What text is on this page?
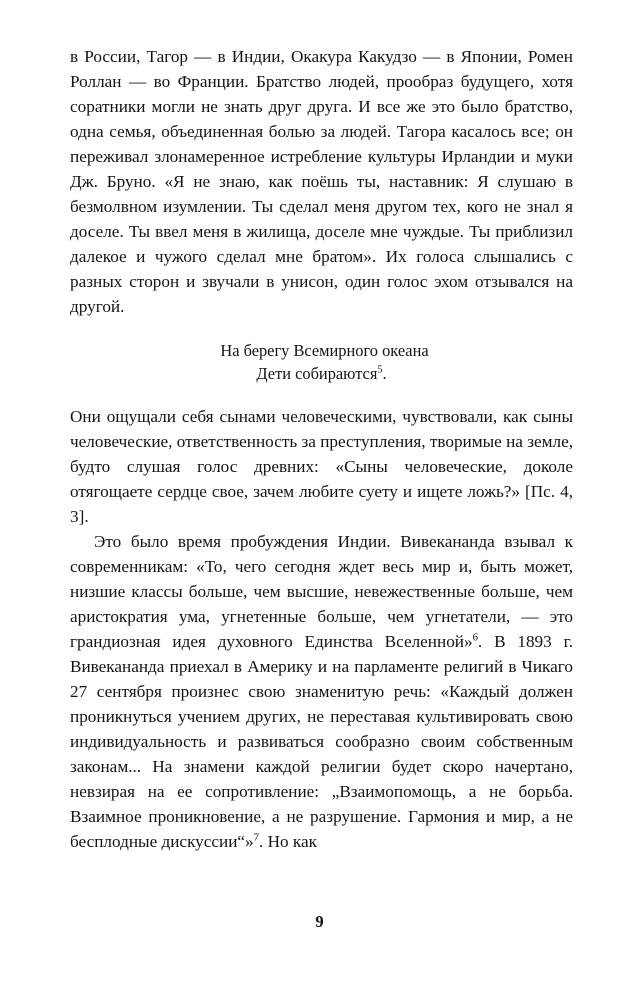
в России, Тагор — в Индии, Окакура Какудзо — в Японии, Ромен Роллан — во Франции. Братство людей, прообраз будущего, хотя соратники могли не знать друг друга. И все же это было братство, одна семья, объединенная болью за людей. Тагора касалось все; он переживал злонамеренное истребление культуры Ирландии и муки Дж. Бруно. «Я не знаю, как поёшь ты, наставник: Я слушаю в безмолвном изумлении. Ты сделал меня другом тех, кого не знал я доселе. Ты ввел меня в жилища, доселе мне чуждые. Ты приблизил далекое и чужого сделал мне братом». Их голоса слышались с разных сторон и звучали в унисон, один голос эхом отзывался на другой.

На берегу Всемирного океана
Дети собираются$^5$.

Они ощущали себя сынами человеческими, чувствовали, как сыны человеческие, ответственность за преступления, творимые на земле, будто слушая голос древних: «Сыны человеческие, доколе отягощаете сердце свое, зачем любите суету и ищете ложь?» [Пс. 4, 3].

Это было время пробуждения Индии. Вивекананда взывал к современникам: «То, чего сегодня ждет весь мир и, быть может, низшие классы больше, чем высшие, невежественные больше, чем аристократия ума, угнетенные больше, чем угнетатели, — это грандиозная идея духовного Единства Вселенной»$^6$. В 1893 г. Вивекананда приехал в Америку и на парламенте религий в Чикаго 27 сентября произнес свою знаменитую речь: «Каждый должен проникнуться учением других, не переставая культивировать свою индивидуальность и развиваться сообразно своим собственным законам... На знамени каждой религии будет скоро начертано, невзирая на ее сопротивление: „Взаимопомощь, а не борьба. Взаимное проникновение, а не разрушение. Гармония и мир, а не бесплодные дискуссии“»$^7$. Но как

9
